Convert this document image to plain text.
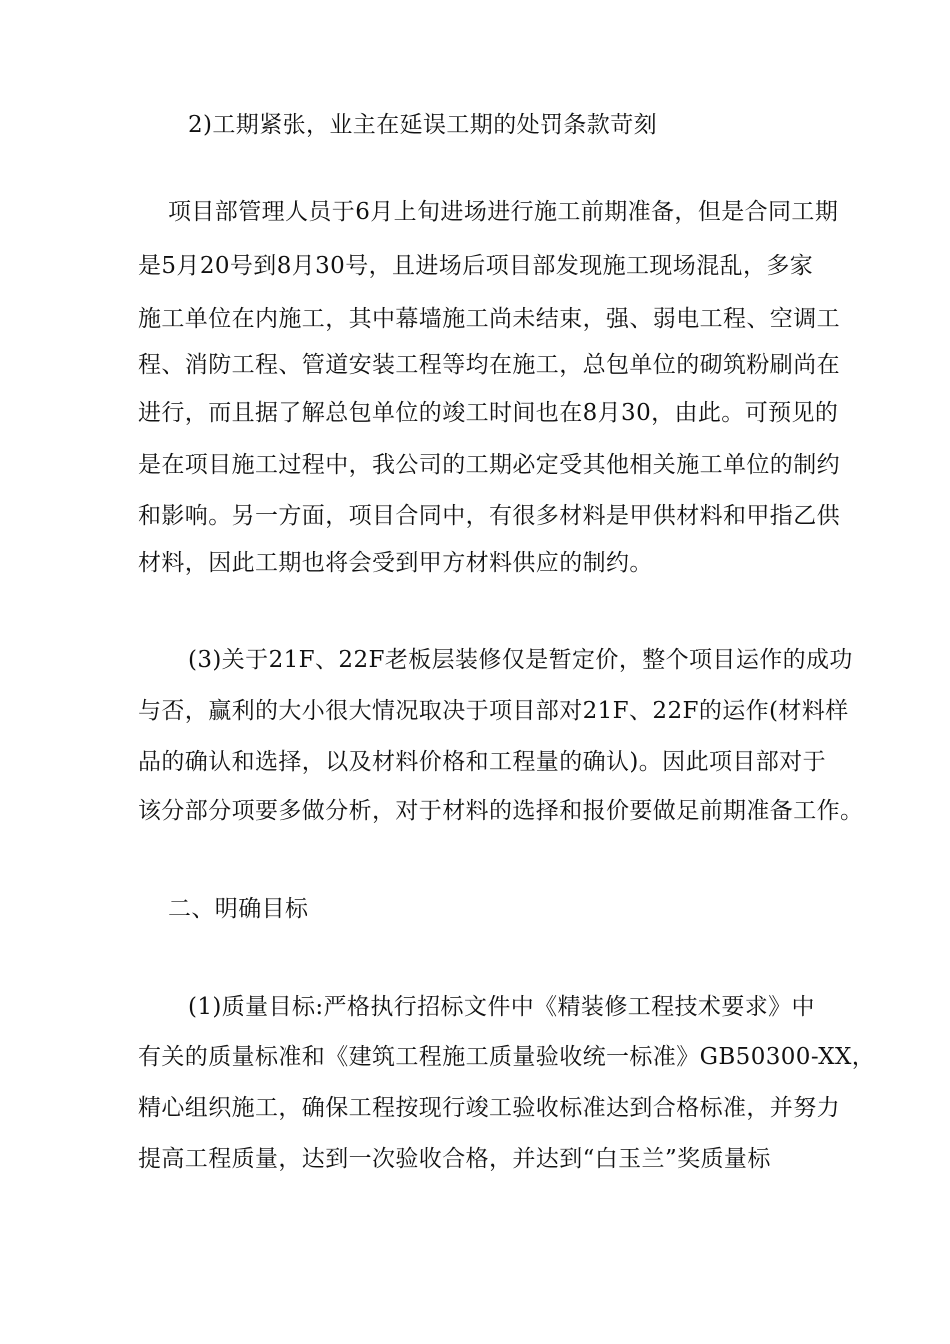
2)工期紧张，业主在延误工期的处罚条款苛刻
项目部管理人员于6月上旬进场进行施工前期准备，但是合同工期
是5月20号到8月30号，且进场后项目部发现施工现场混乱，多家
施工单位在内施工，其中幕墙施工尚未结束，强、弱电工程、空调工
程、消防工程、管道安装工程等均在施工，总包单位的砌筑粉刷尚在
进行，而且据了解总包单位的竣工时间也在8月30，由此。可预见的
是在项目施工过程中，我公司的工期必定受其他相关施工单位的制约
和影响。另一方面，项目合同中，有很多材料是甲供材料和甲指乙供
材料，因此工期也将会受到甲方材料供应的制约。
(3)关于21F、22F老板层装修仅是暂定价，整个项目运作的成功
与否，赢利的大小很大情况取决于项目部对21F、22F的运作(材料样
品的确认和选择，以及材料价格和工程量的确认)。因此项目部对于
该分部分项要多做分析，对于材料的选择和报价要做足前期准备工作。
二、明确目标
(1)质量目标:严格执行招标文件中《精装修工程技术要求》中
有关的质量标准和《建筑工程施工质量验收统一标准》GB50300-XX，
精心组织施工，确保工程按现行竣工验收标准达到合格标准，并努力
提高工程质量，达到一次验收合格，并达到“白玉兰”奖质量标
